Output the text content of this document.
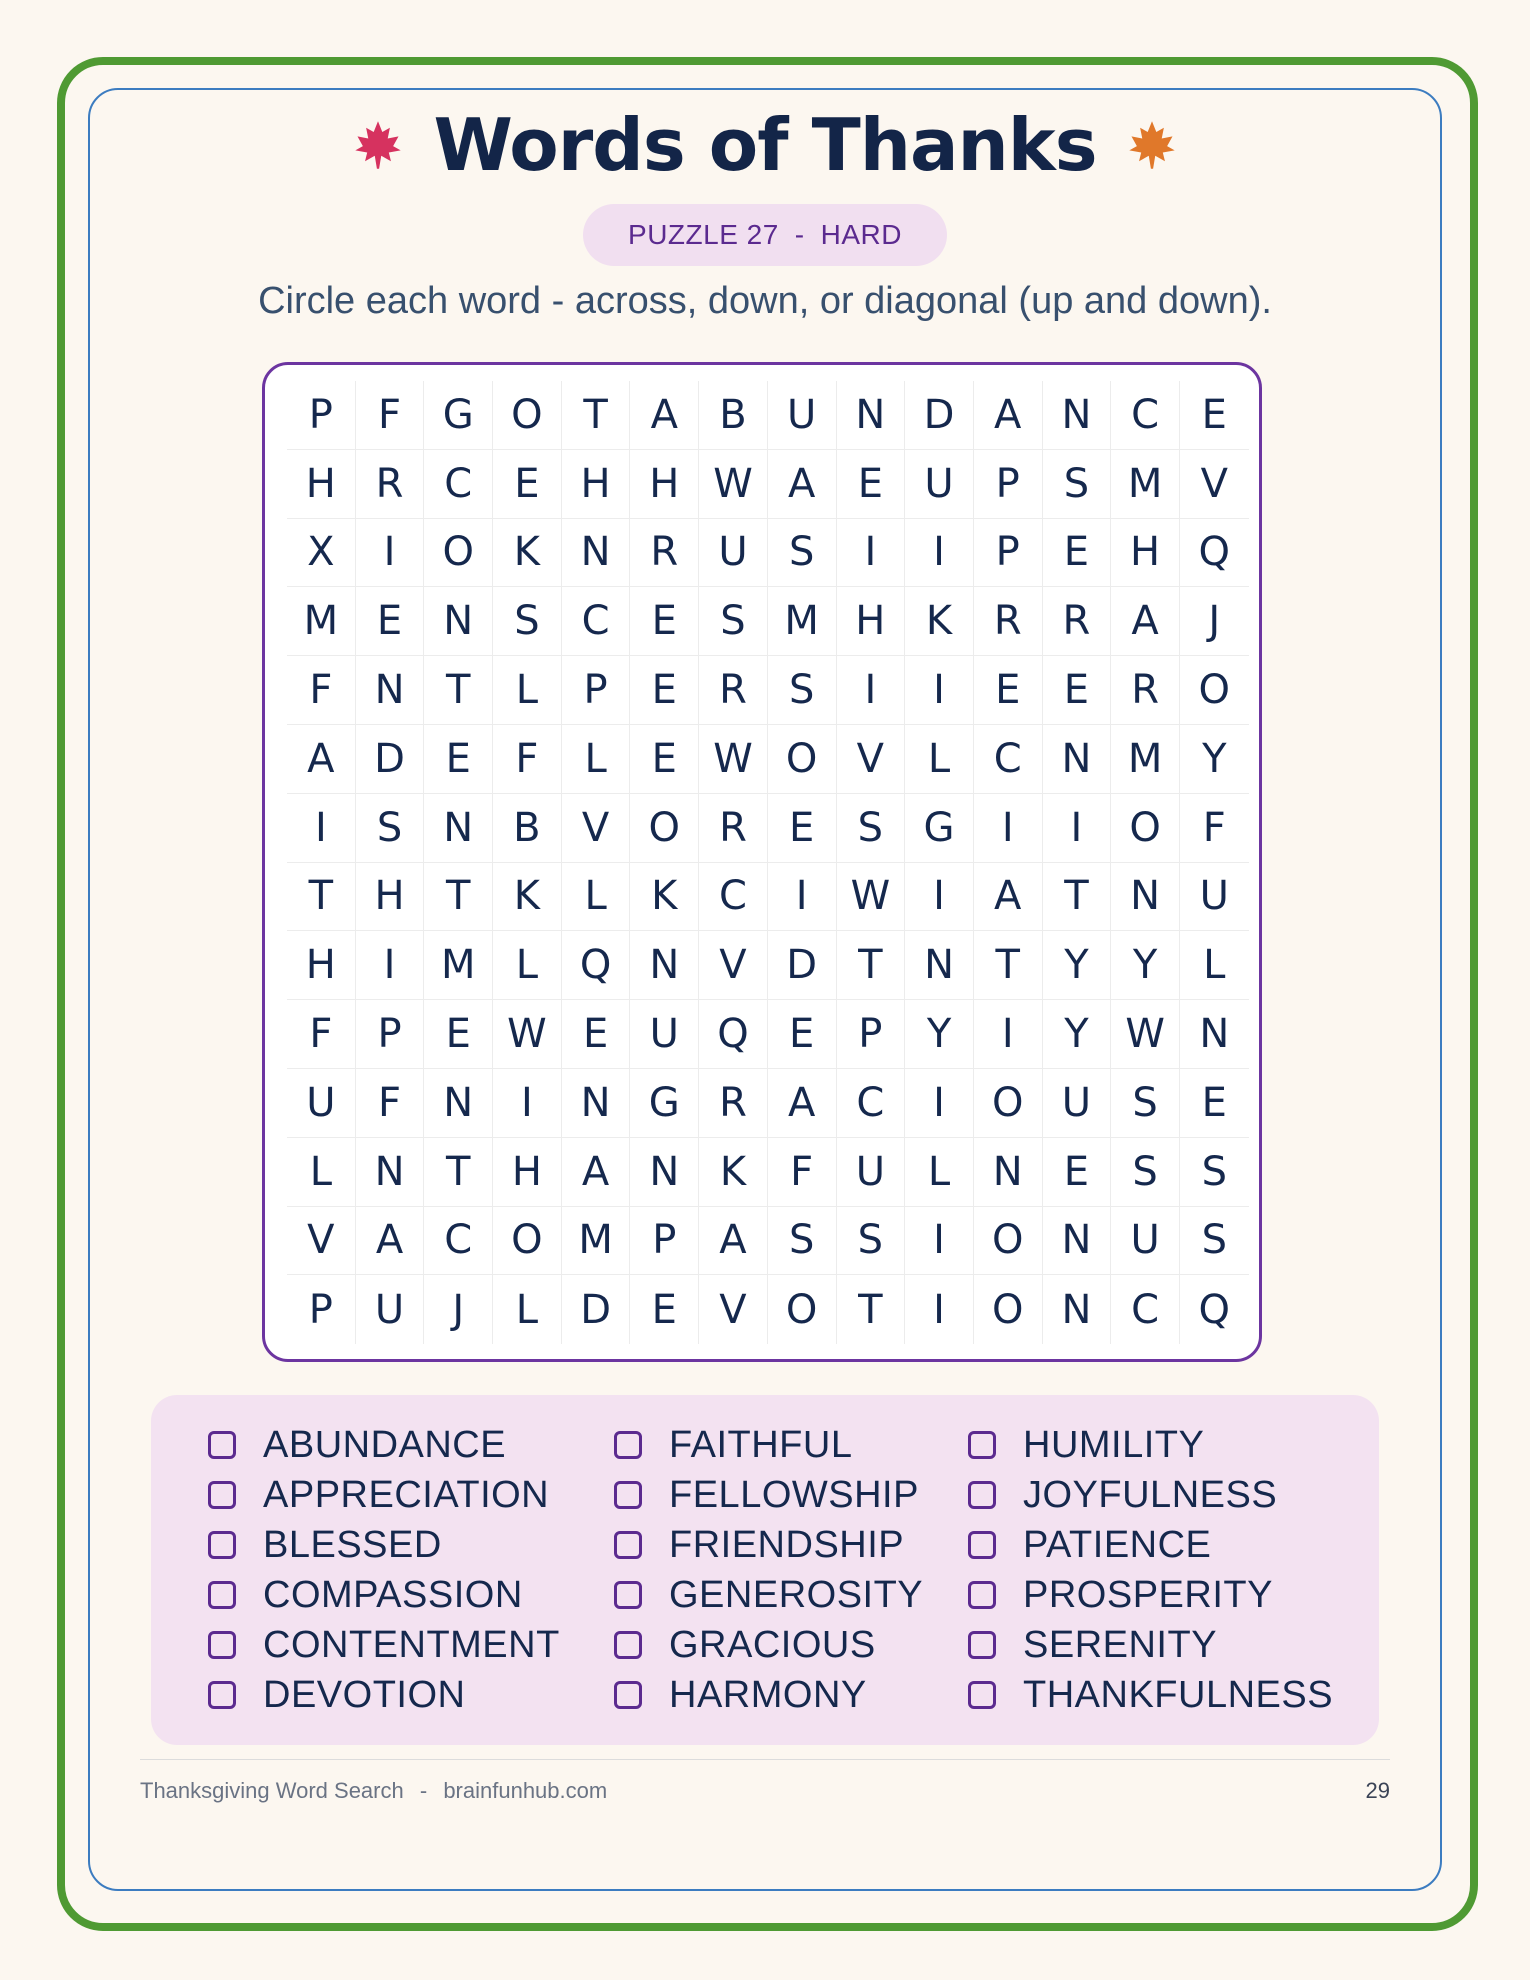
Words of Thanks
PUZZLE 27 - HARD
Circle each word - across, down, or diagonal (up and down).
P	F	G O	T	A	B	U N D A	N C	E
H R	C	E	H H W A	E	U	P	S M V
X	I	O K	N R	U	S	I	I	P	E	H Q
M E	N	S	C	E	S M H	K	R	R	A	J
F	N	T	L	P	E	R	S	I	I	E	E	R O
A D	E	F	L	E W O V	L	C N M Y
I	S	N	B	V O R	E	S	G	I	I	O	F
T	H	T	K	L	K	C	I	W	I	A	T	N U
H	I	M	L	Q N	V D	T	N	T	Y	Y	L
F	P	E W E	U Q	E	P	Y	I	Y W N
U	F	N	I	N G R	A	C	I	O U	S	E
L	N	T	H A	N	K	F	U	L	N	E	S	S
V	A	C O M P	A	S	S	I	O N U	S
P	U	J	L	D	E	V O	T	I	O N C Q
ABUNDANCE
APPRECIATION
BLESSED
COMPASSION
CONTENTMENT
DEVOTION
FAITHFUL
FELLOWSHIP
FRIENDSHIP
GENEROSITY
GRACIOUS
HARMONY
HUMILITY
JOYFULNESS
PATIENCE
PROSPERITY
SERENITY
THANKFULNESS
Thanksgiving Word Search - brainfunhub.com	29
